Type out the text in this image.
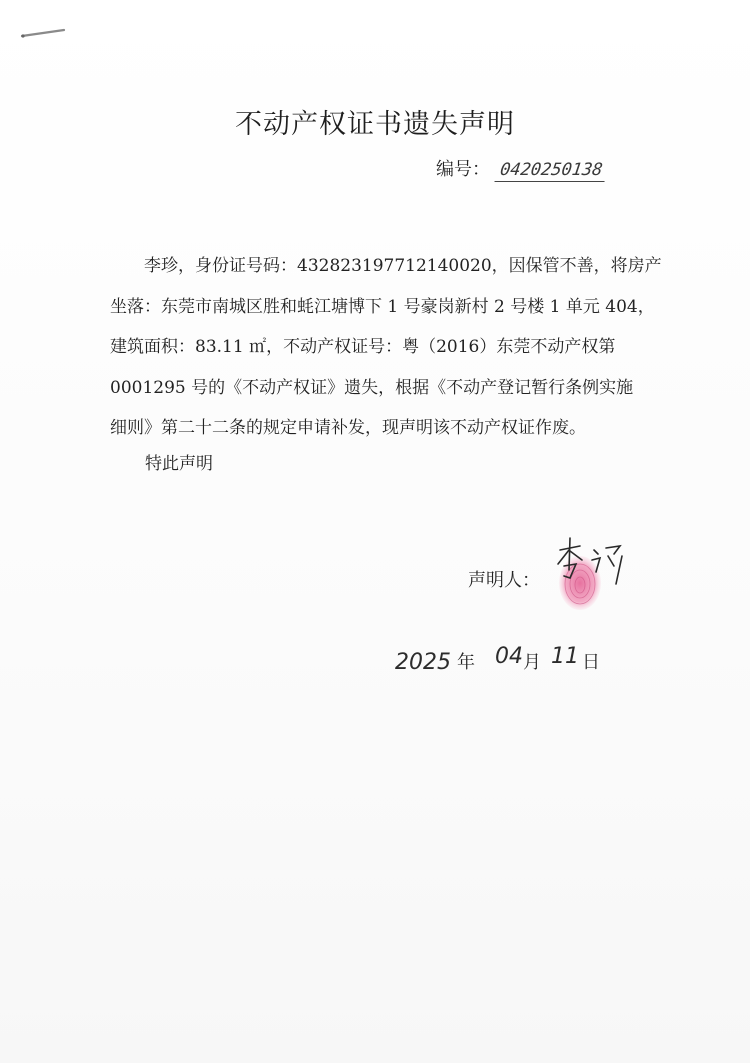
不动产权证书遗失声明
编号： 0420250138

李珍，身份证号码：432823197712140020，因保管不善，将房产

坐落：东莞市南城区胜和蚝江塘博下 1 号豪岗新村 2 号楼 1 单元 404，
建筑面积：83.11 ㎡，不动产权证号：粤（2016）东莞不动产权第
0001295 号的《不动产权证》遗失，根据《不动产登记暂行条例实施
细则》第二十二条的规定申请补发，现声明该不动产权证作废。
特此声明
声明人：
2025 年 04 月 11 日
